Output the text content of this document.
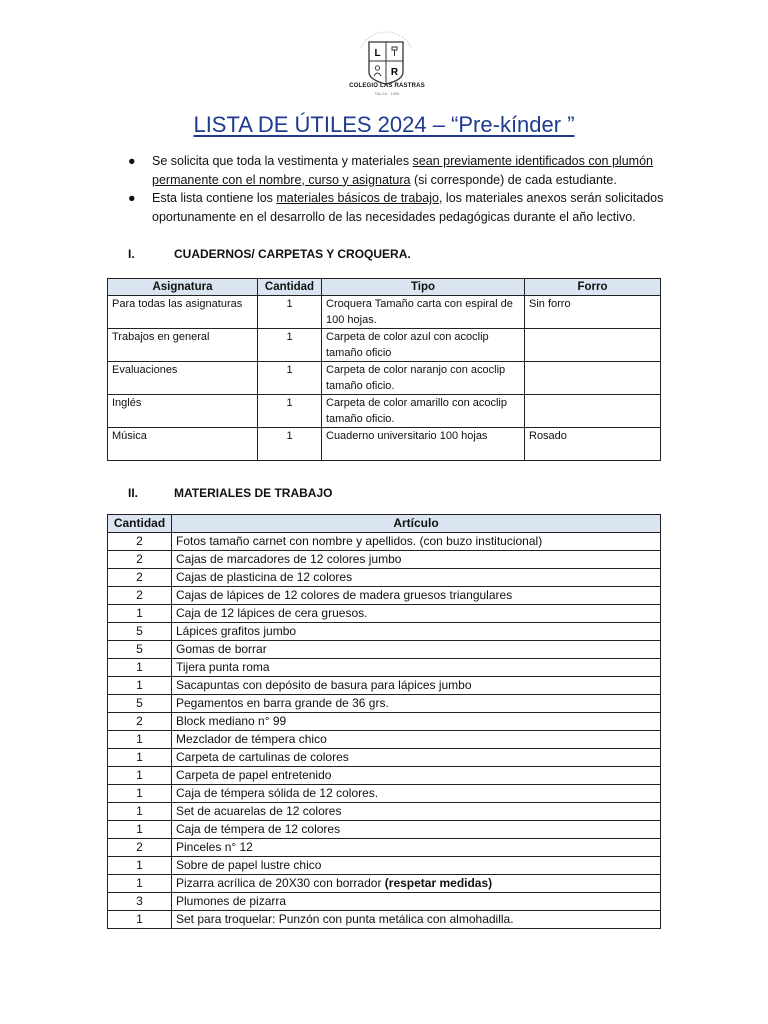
L
R
COLEGIO LAS RASTRAS
TALCA · 1950
LISTA DE ÚTILES 2024 – “Pre-kínder ”
● Se solicita que toda la vestimenta y materiales sean previamente identificados con plumón permanente con el nombre, curso y asignatura (si corresponde) de cada estudiante.
● Esta lista contiene los materiales básicos de trabajo, los materiales anexos serán solicitados oportunamente en el desarrollo de las necesidades pedagógicas durante el año lectivo.
I.	CUADERNOS/ CARPETAS Y CROQUERA.
Asignatura	Cantidad	Tipo	Forro
Para todas las asignaturas	1	Croquera Tamaño carta con espiral de 100 hojas.	Sin forro
Trabajos en general	1	Carpeta de color azul con acoclip tamaño oficio	
Evaluaciones	1	Carpeta de color naranjo con acoclip tamaño oficio.	
Inglés	1	Carpeta de color amarillo con acoclip tamaño oficio.	
Música	1	Cuaderno universitario 100 hojas	Rosado
II.	MATERIALES DE TRABAJO
Cantidad	Artículo
2	Fotos tamaño carnet con nombre y apellidos. (con buzo institucional)
2	Cajas de marcadores de 12 colores jumbo
2	Cajas de plasticina de 12 colores
2	Cajas de lápices de 12 colores de madera gruesos triangulares
1	Caja de 12 lápices de cera gruesos.
5	Lápices grafitos jumbo
5	Gomas de borrar
1	Tijera punta roma
1	Sacapuntas con depósito de basura para lápices jumbo
5	Pegamentos en barra grande de 36 grs.
2	Block mediano n° 99
1	Mezclador de témpera chico
1	Carpeta de cartulinas de colores
1	Carpeta de papel entretenido
1	Caja de témpera sólida de 12 colores.
1	Set de acuarelas de 12 colores
1	Caja de témpera de 12 colores
2	Pinceles n° 12
1	Sobre de papel lustre chico
1	Pizarra acrílica de 20X30 con borrador (respetar medidas)
3	Plumones de pizarra
1	Set para troquelar: Punzón con punta metálica con almohadilla.
